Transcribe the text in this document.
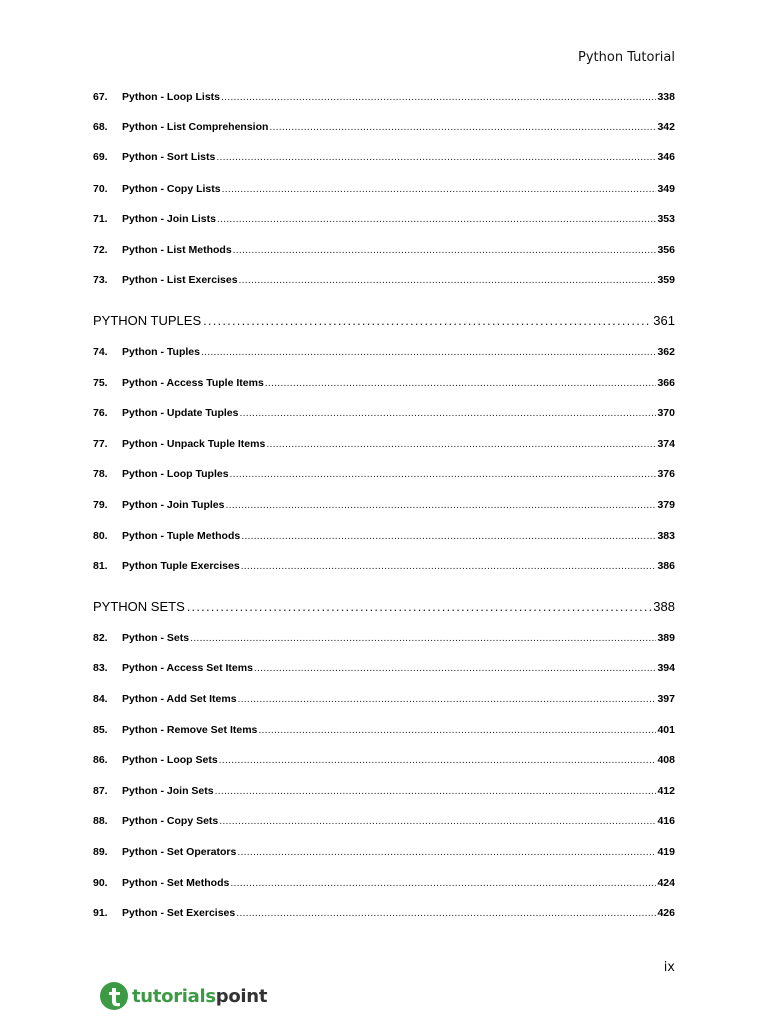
Python Tutorial
67.	Python - Loop Lists .....	338
68.	Python - List Comprehension .....	342
69.	Python - Sort Lists .....	346
70.	Python - Copy Lists .....	349
71.	Python - Join Lists .....	353
72.	Python - List Methods .....	356
73.	Python - List Exercises .....	359
PYTHON TUPLES .....	361
74.	Python - Tuples .....	362
75.	Python - Access Tuple Items .....	366
76.	Python - Update Tuples .....	370
77.	Python - Unpack Tuple Items .....	374
78.	Python - Loop Tuples .....	376
79.	Python - Join Tuples .....	379
80.	Python - Tuple Methods .....	383
81.	Python Tuple Exercises .....	386
PYTHON SETS .....	388
82.	Python - Sets .....	389
83.	Python - Access Set Items .....	394
84.	Python - Add Set Items .....	397
85.	Python - Remove Set Items .....	401
86.	Python - Loop Sets .....	408
87.	Python - Join Sets .....	412
88.	Python - Copy Sets .....	416
89.	Python - Set Operators .....	419
90.	Python - Set Methods .....	424
91.	Python - Set Exercises .....	426
ix
tutorialspoint
